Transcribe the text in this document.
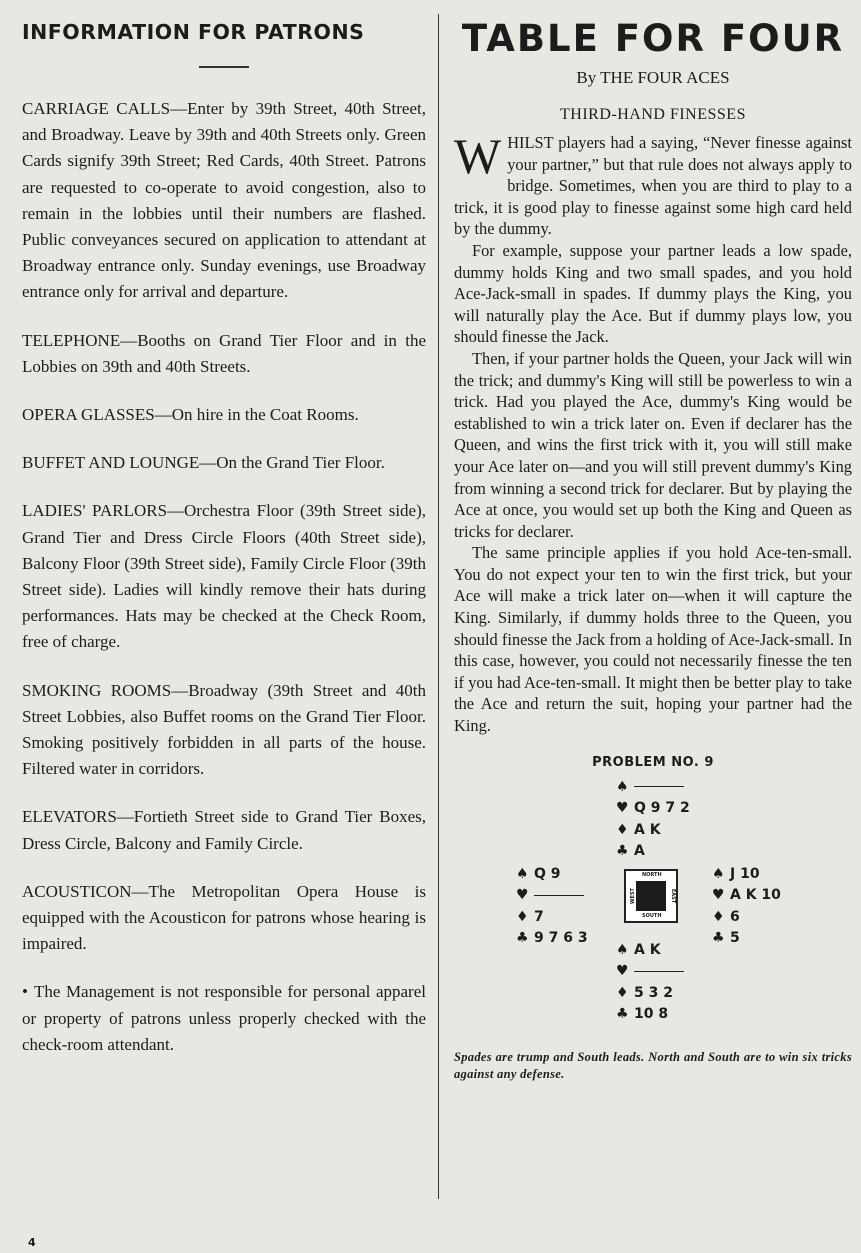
INFORMATION FOR PATRONS

CARRIAGE CALLS—Enter by 39th Street, 40th Street, and Broadway. Leave by 39th and 40th Streets only. Green Cards signify 39th Street; Red Cards, 40th Street. Patrons are requested to co-operate to avoid congestion, also to remain in the lobbies until their numbers are flashed. Public conveyances secured on application to attendant at Broadway entrance only. Sunday evenings, use Broadway entrance only for arrival and departure.

TELEPHONE—Booths on Grand Tier Floor and in the Lobbies on 39th and 40th Streets.

OPERA GLASSES—On hire in the Coat Rooms.

BUFFET AND LOUNGE—On the Grand Tier Floor.

LADIES' PARLORS—Orchestra Floor (39th Street side), Grand Tier and Dress Circle Floors (40th Street side), Balcony Floor (39th Street side), Family Circle Floor (39th Street side). Ladies will kindly remove their hats during performances. Hats may be checked at the Check Room, free of charge.

SMOKING ROOMS—Broadway (39th Street and 40th Street Lobbies, also Buffet rooms on the Grand Tier Floor. Smoking positively forbidden in all parts of the house. Filtered water in corridors.

ELEVATORS—Fortieth Street side to Grand Tier Boxes, Dress Circle, Balcony and Family Circle.

ACOUSTICON—The Metropolitan Opera House is equipped with the Acousticon for patrons whose hearing is impaired.

• The Management is not responsible for personal apparel or property of patrons unless properly checked with the check-room attendant.

TABLE FOR FOUR
By THE FOUR ACES
THIRD-HAND FINESSES

WHILST players had a saying, “Never finesse against your partner,” but that rule does not always apply to bridge. Sometimes, when you are third to play to a trick, it is good play to finesse against some high card held by the dummy.

For example, suppose your partner leads a low spade, dummy holds King and two small spades, and you hold Ace-Jack-small in spades. If dummy plays the King, you will naturally play the Ace. But if dummy plays low, you should finesse the Jack.

Then, if your partner holds the Queen, your Jack will win the trick; and dummy's King will still be powerless to win a trick. Had you played the Ace, dummy's King would be established to win a trick later on. Even if declarer has the Queen, and wins the first trick with it, you will still make your Ace later on—and you will still prevent dummy's King from winning a second trick for declarer. But by playing the Ace at once, you would set up both the King and Queen as tricks for declarer.

The same principle applies if you hold Ace-ten-small. You do not expect your ten to win the first trick, but your Ace will make a trick later on—when it will capture the King. Similarly, if dummy holds three to the Queen, you should finesse the Jack from a holding of Ace-Jack-small. In this case, however, you could not necessarily finesse the ten if you had Ace-ten-small. It might then be better play to take the Ace and return the suit, hoping your partner had the King.

PROBLEM NO. 9
♠
♥ Q 9 7 2
♦ A K
♣ A
♠ Q 9
♥
♦ 7
♣ 9 7 6 3
NORTH
SOUTH
WEST	EAST
♠ J 10
♥ A K 10
♦ 6
♣ 5
♠ A K
♥
♦ 5 3 2
♣ 10 8
Spades are trump and South leads. North and South are to win six tricks against any defense.
4
